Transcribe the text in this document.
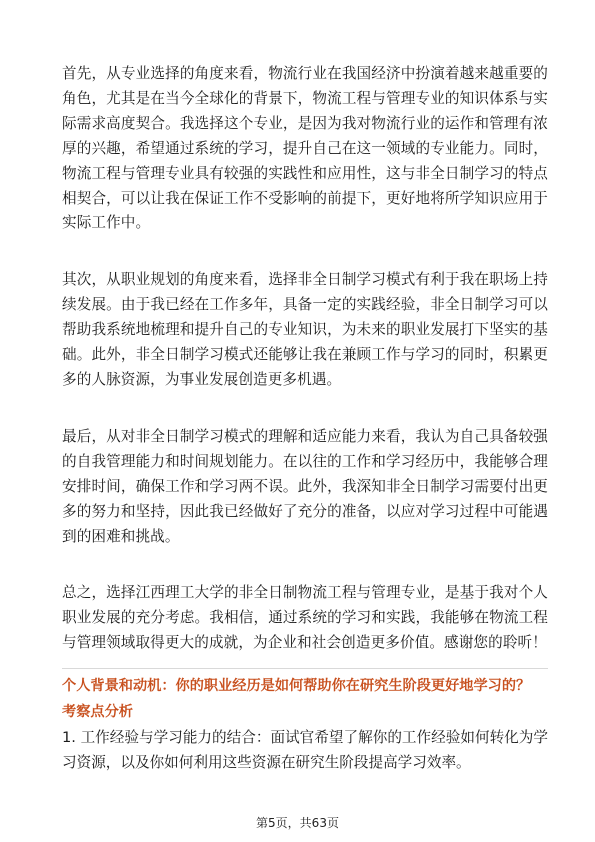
首先，从专业选择的角度来看，物流行业在我国经济中扮演着越来越重要的角色，尤其是在当今全球化的背景下，物流工程与管理专业的知识体系与实际需求高度契合。我选择这个专业，是因为我对物流行业的运作和管理有浓厚的兴趣，希望通过系统的学习，提升自己在这一领域的专业能力。同时，物流工程与管理专业具有较强的实践性和应用性，这与非全日制学习的特点相契合，可以让我在保证工作不受影响的前提下，更好地将所学知识应用于实际工作中。

其次，从职业规划的角度来看，选择非全日制学习模式有利于我在职场上持续发展。由于我已经在工作多年，具备一定的实践经验，非全日制学习可以帮助我系统地梳理和提升自己的专业知识，为未来的职业发展打下坚实的基础。此外，非全日制学习模式还能够让我在兼顾工作与学习的同时，积累更多的人脉资源，为事业发展创造更多机遇。

最后，从对非全日制学习模式的理解和适应能力来看，我认为自己具备较强的自我管理能力和时间规划能力。在以往的工作和学习经历中，我能够合理安排时间，确保工作和学习两不误。此外，我深知非全日制学习需要付出更多的努力和坚持，因此我已经做好了充分的准备，以应对学习过程中可能遇到的困难和挑战。

总之，选择江西理工大学的非全日制物流工程与管理专业，是基于我对个人职业发展的充分考虑。我相信，通过系统的学习和实践，我能够在物流工程与管理领域取得更大的成就，为企业和社会创造更多价值。感谢您的聆听！

个人背景和动机：你的职业经历是如何帮助你在研究生阶段更好地学习的？
考察点分析

1. 工作经验与学习能力的结合：面试官希望了解你的工作经验如何转化为学习资源，以及你如何利用这些资源在研究生阶段提高学习效率。

第5页，共63页
